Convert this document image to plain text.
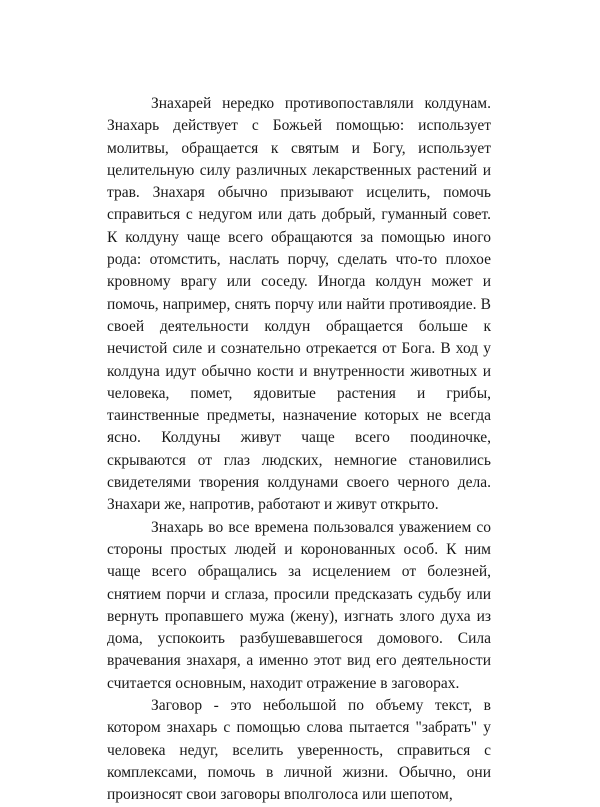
Знахарей нередко противопоставляли колдунам. Знахарь действует с Божьей помощью: использует молитвы, обращается к святым и Богу, использует целительную силу различных лекарственных растений и трав. Знахаря обычно призывают исцелить, помочь справиться с недугом или дать добрый, гуманный совет. К колдуну чаще всего обращаются за помощью иного рода: отомстить, наслать порчу, сделать что-то плохое кровному врагу или соседу. Иногда колдун может и помочь, например, снять порчу или найти противоядие. В своей деятельности колдун обращается больше к нечистой силе и сознательно отрекается от Бога. В ход у колдуна идут обычно кости и внутренности животных и человека, помет, ядовитые растения и грибы, таинственные предметы, назначение которых не всегда ясно. Колдуны живут чаще всего поодиночке, скрываются от глаз людских, немногие становились свидетелями творения колдунами своего черного дела. Знахари же, напротив, работают и живут открыто.

Знахарь во все времена пользовался уважением со стороны простых людей и коронованных особ. К ним чаще всего обращались за исцелением от болезней, снятием порчи и сглаза, просили предсказать судьбу или вернуть пропавшего мужа (жену), изгнать злого духа из дома, успокоить разбушевавшегося домового. Сила врачевания знахаря, а именно этот вид его деятельности считается основным, находит отражение в заговорах.

Заговор - это небольшой по объему текст, в котором знахарь с помощью слова пытается "забрать" у человека недуг, вселить уверенность, справиться с комплексами, помочь в личной жизни. Обычно, они произносят свои заговоры вполголоса или шепотом,
